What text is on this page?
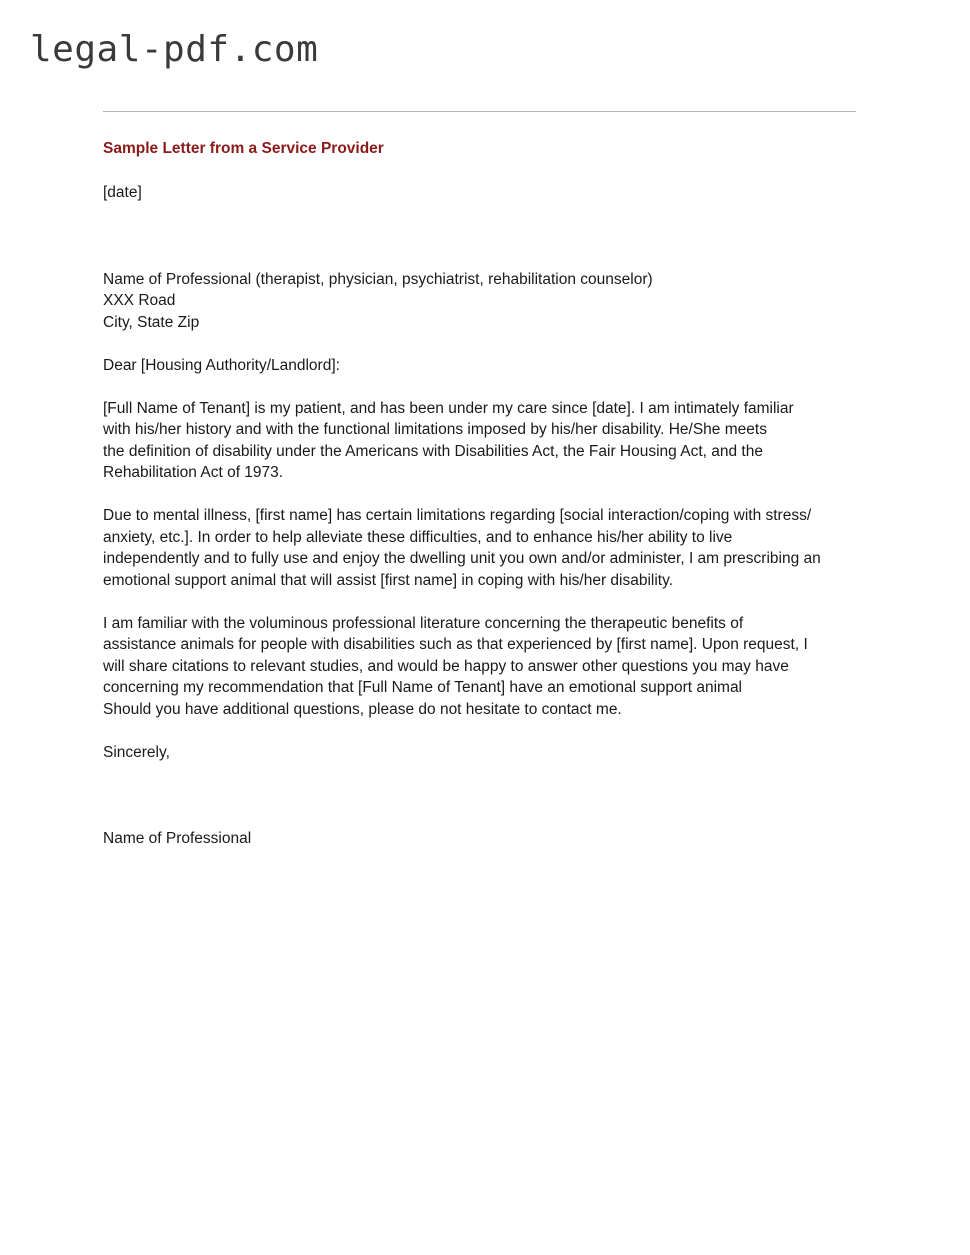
legal-pdf.com
Sample Letter from a Service Provider
[date]
Name of Professional (therapist, physician, psychiatrist, rehabilitation counselor)
XXX Road
City, State Zip
Dear [Housing Authority/Landlord]:
[Full Name of Tenant] is my patient, and has been under my care since [date]. I am intimately familiar
with his/her history and with the functional limitations imposed by his/her disability. He/She meets
the definition of disability under the Americans with Disabilities Act, the Fair Housing Act, and the
Rehabilitation Act of 1973.
Due to mental illness, [first name] has certain limitations regarding [social interaction/coping with stress/
anxiety, etc.]. In order to help alleviate these difficulties, and to enhance his/her ability to live
independently and to fully use and enjoy the dwelling unit you own and/or administer, I am prescribing an
emotional support animal that will assist [first name] in coping with his/her disability.
I am familiar with the voluminous professional literature concerning the therapeutic benefits of
assistance animals for people with disabilities such as that experienced by [first name]. Upon request, I
will share citations to relevant studies, and would be happy to answer other questions you may have
concerning my recommendation that [Full Name of Tenant] have an emotional support animal
Should you have additional questions, please do not hesitate to contact me.
Sincerely,
Name of Professional
